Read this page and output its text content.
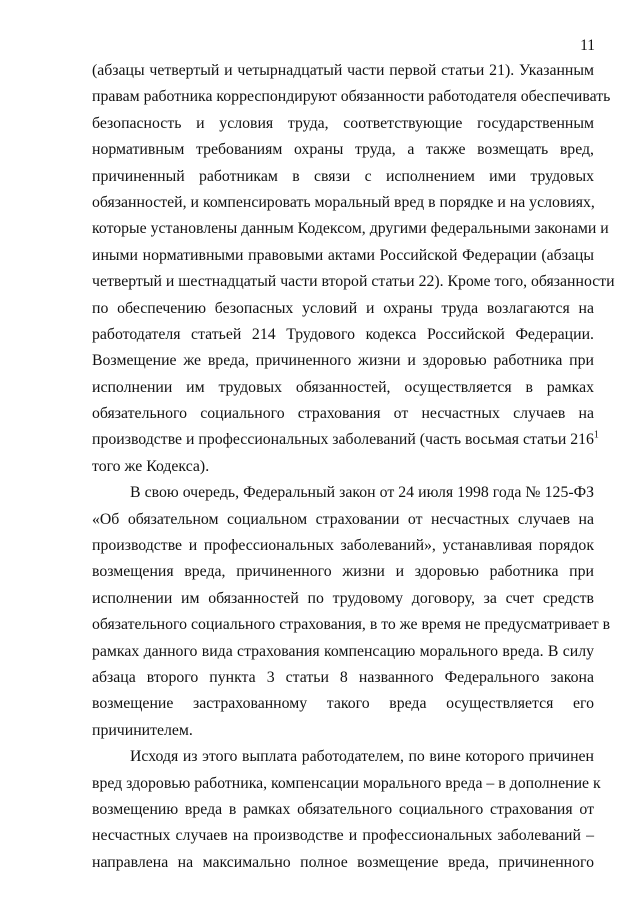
11
(абзацы четвертый и четырнадцатый части первой статьи 21). Указанным
правам работника корреспондируют обязанности работодателя обеспечивать
безопасность и условия труда, соответствующие государственным
нормативным требованиям охраны труда, а также возмещать вред,
причиненный работникам в связи с исполнением ими трудовых
обязанностей, и компенсировать моральный вред в порядке и на условиях,
которые установлены данным Кодексом, другими федеральными законами и
иными нормативными правовыми актами Российской Федерации (абзацы
четвертый и шестнадцатый части второй статьи 22). Кроме того, обязанности
по обеспечению безопасных условий и охраны труда возлагаются на
работодателя статьей 214 Трудового кодекса Российской Федерации.
Возмещение же вреда, причиненного жизни и здоровью работника при
исполнении им трудовых обязанностей, осуществляется в рамках
обязательного социального страхования от несчастных случаев на
производстве и профессиональных заболеваний (часть восьмая статьи $216^1$
того же Кодекса).
В свою очередь, Федеральный закон от 24 июля 1998 года № 125-ФЗ
«Об обязательном социальном страховании от несчастных случаев на
производстве и профессиональных заболеваний», устанавливая порядок
возмещения вреда, причиненного жизни и здоровью работника при
исполнении им обязанностей по трудовому договору, за счет средств
обязательного социального страхования, в то же время не предусматривает в
рамках данного вида страхования компенсацию морального вреда. В силу
абзаца второго пункта 3 статьи 8 названного Федерального закона
возмещение застрахованному такого вреда осуществляется его
причинителем.
Исходя из этого выплата работодателем, по вине которого причинен
вред здоровью работника, компенсации морального вреда – в дополнение к
возмещению вреда в рамках обязательного социального страхования от
несчастных случаев на производстве и профессиональных заболеваний –
направлена на максимально полное возмещение вреда, причиненного
